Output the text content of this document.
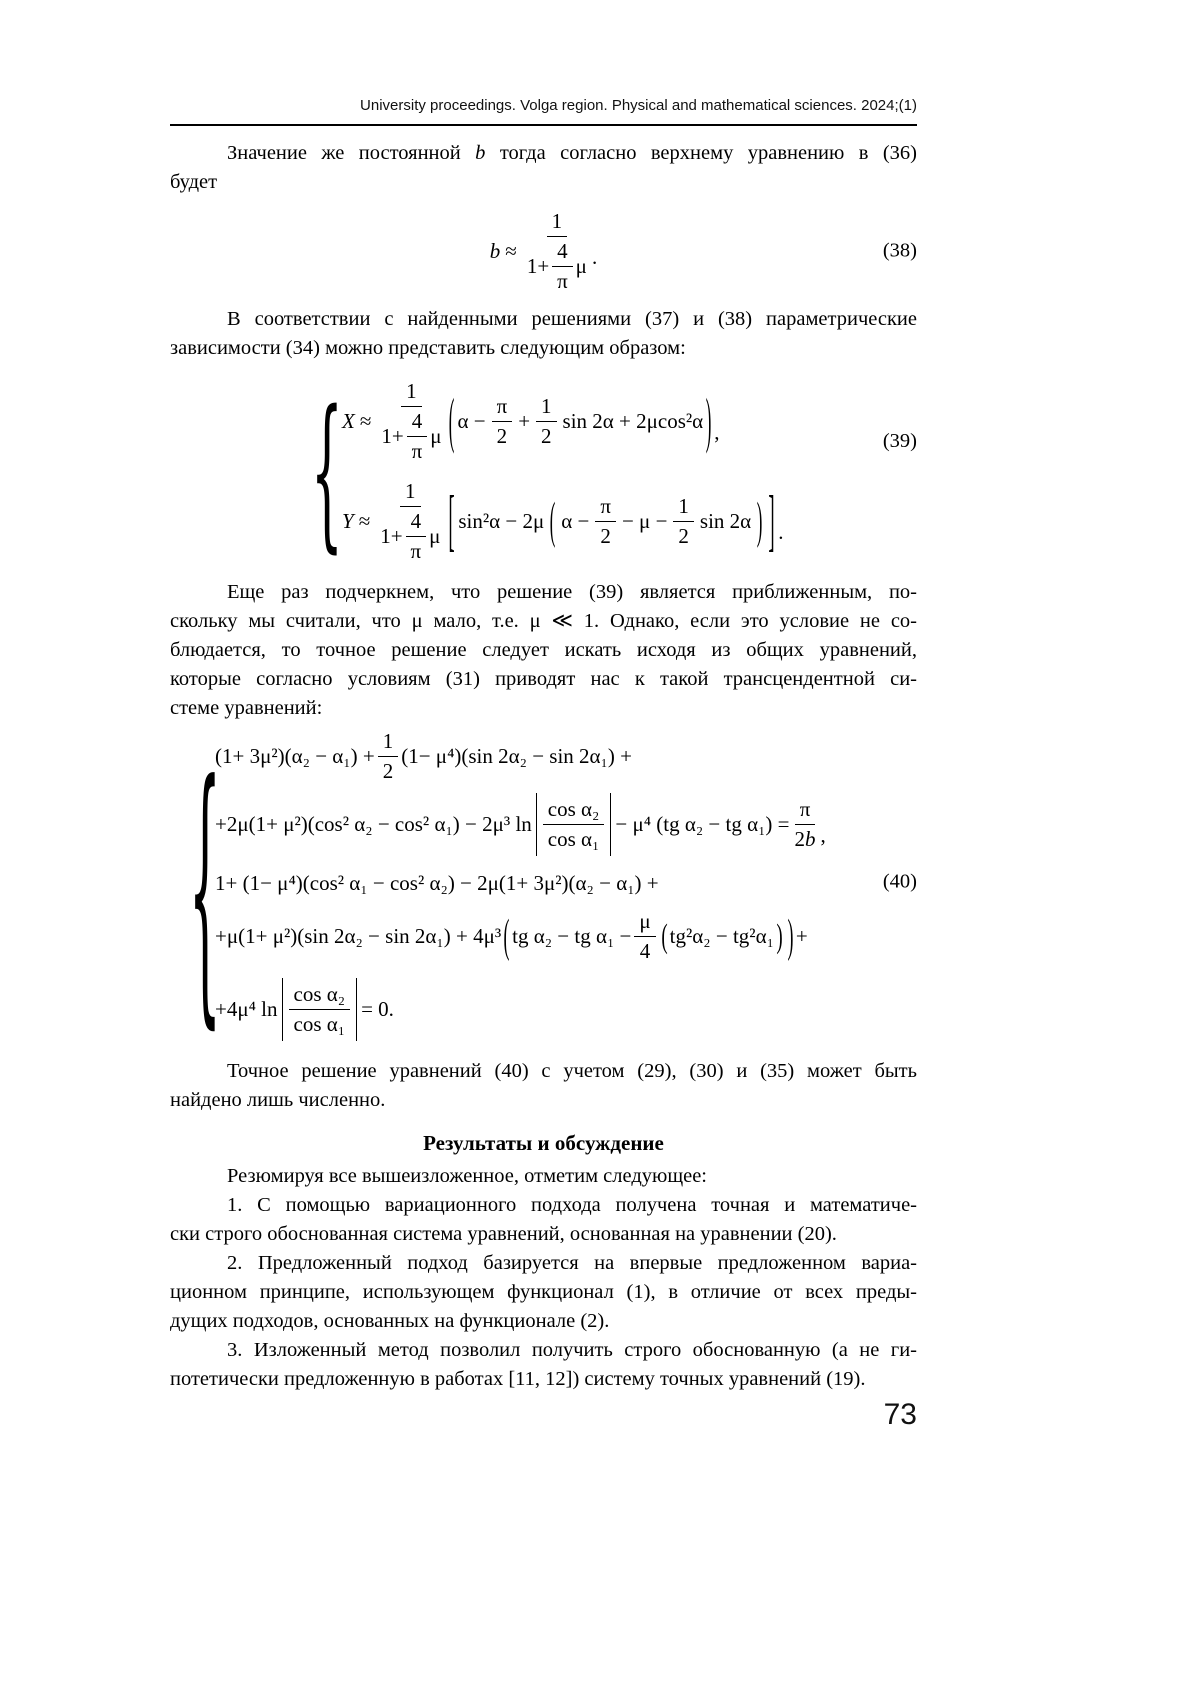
University proceedings. Volga region. Physical and mathematical sciences. 2024;(1)
Значение же постоянной b тогда согласно верхнему уравнению в (36)
будет
$b \approx \frac{1}{1+ \frac{4}{\pi} \mu}$ .	(38)
В соответствии с найденными решениями (37) и (38) параметрические
зависимости (34) можно представить следующим образом:
{	(39)
$X \approx \frac{1}{1+ \frac{4}{\pi} \mu}$ ( $\alpha - \frac{\pi}{2} + \frac{1}{2}$ sin 2α + 2μcos²α ) ,
$Y \approx \frac{1}{1+ \frac{4}{\pi} \mu}$ [ sin²α − 2μ ( $\alpha - \frac{\pi}{2} - \mu - \frac{1}{2}$ sin 2α ) ] .
Еще раз подчеркнем, что решение (39) является приближенным, по-
скольку мы считали, что μ мало, т.е. μ ≪ 1. Однако, если это условие не со-
блюдается, то точное решение следует искать исходя из общих уравнений,
которые согласно условиям (31) приводят нас к такой трансцендентной си-
стеме уравнений:
{	(40)
$(1+ 3\mu^2)(\alpha_2 - \alpha_1) + \frac{1}{2} (1- \mu^4)(\sin$ 2α₂ − sin 2α₁) +
+2μ(1+ μ²)(cos² α₂ − cos² α₁) − 2μ³ $\ln \frac{\text{cos α₂}}{\text{cos α₁}} - \mu^4$ (tg α₂ − tg $\alpha_1) = \frac{\pi}{2 b}$ ,
1+ (1− μ⁴)(cos² α₁ − cos² α₂) − 2μ(1+ 3μ²)(α₂ − α₁) +
+μ(1+ μ²)(sin 2α₂ − sin 2α₁) + 4μ³ ( tg α₂ − tg $\alpha_1 - \frac{\mu}{4}$ ( tg²α₂ − tg²α₁ ) ) +
+4μ⁴ $\ln \frac{\text{cos α₂}}{\text{cos α₁}} = 0$.
Точное решение уравнений (40) с учетом (29), (30) и (35) может быть
найдено лишь численно.
Результаты и обсуждение
Резюмируя все вышеизложенное, отметим следующее:
1. С помощью вариационного подхода получена точная и математиче-
ски строго обоснованная система уравнений, основанная на уравнении (20).
2. Предложенный подход базируется на впервые предложенном вариа-
ционном принципе, использующем функционал (1), в отличие от всех преды-
дущих подходов, основанных на функционале (2).
3. Изложенный метод позволил получить строго обоснованную (а не ги-
потетически предложенную в работах [11, 12]) систему точных уравнений (19).
73
